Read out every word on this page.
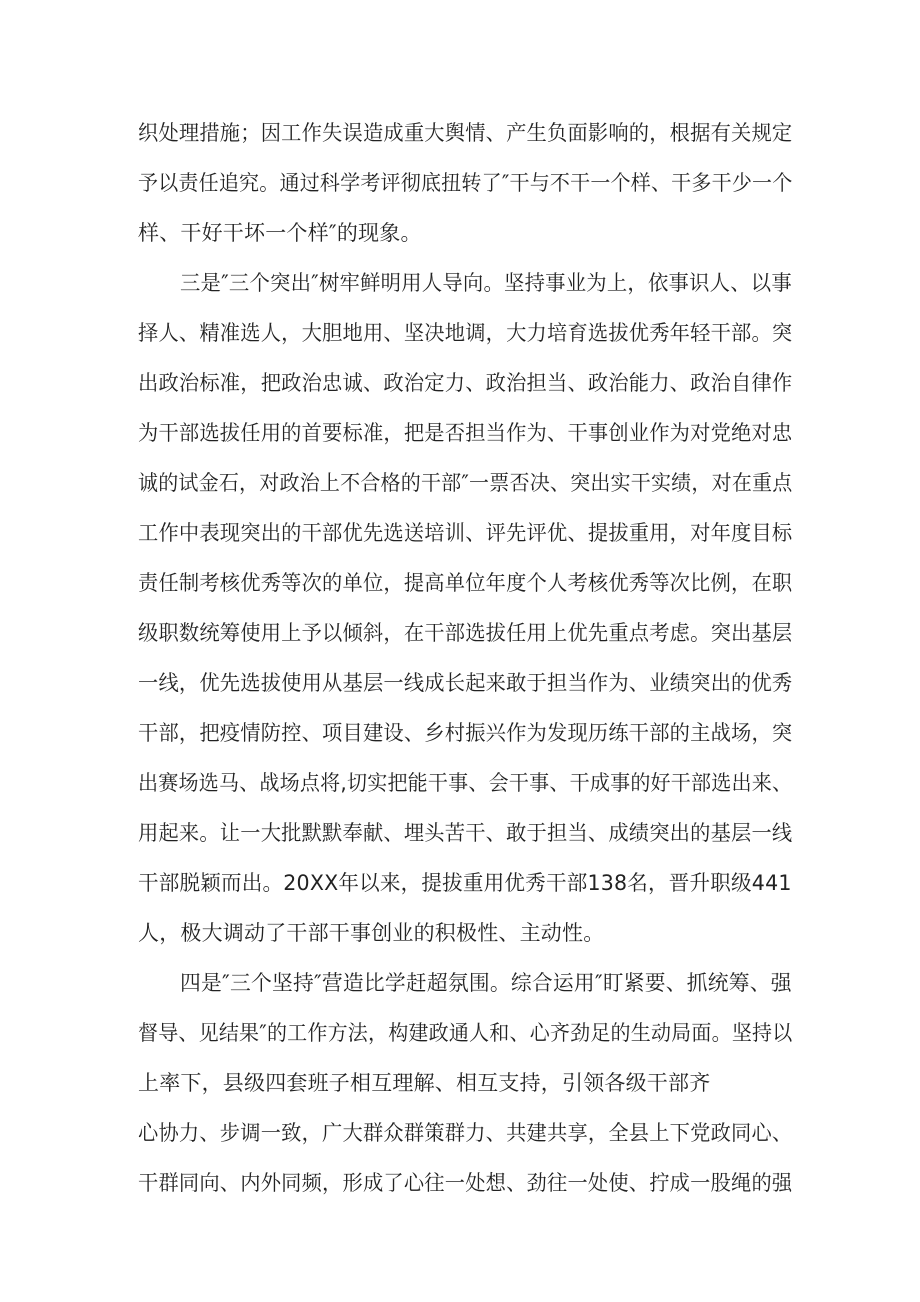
织处理措施；因工作失误造成重大舆情、产生负面影响的，根据有关规定
予以责任追究。通过科学考评彻底扭转了″干与不干一个样、干多干少一个
样、干好干坏一个样″的现象。
三是″三个突出″树牢鲜明用人导向。坚持事业为上，依事识人、以事
择人、精准选人，大胆地用、坚决地调，大力培育选拔优秀年轻干部。突
出政治标准，把政治忠诚、政治定力、政治担当、政治能力、政治自律作
为干部选拔任用的首要标准，把是否担当作为、干事创业作为对党绝对忠
诚的试金石，对政治上不合格的干部″一票否决、突出实干实绩，对在重点
工作中表现突出的干部优先选送培训、评先评优、提拔重用，对年度目标
责任制考核优秀等次的单位，提高单位年度个人考核优秀等次比例，在职
级职数统筹使用上予以倾斜，在干部选拔任用上优先重点考虑。突出基层
一线，优先选拔使用从基层一线成长起来敢于担当作为、业绩突出的优秀
干部，把疫情防控、项目建设、乡村振兴作为发现历练干部的主战场，突
出赛场选马、战场点将,切实把能干事、会干事、干成事的好干部选出来、
用起来。让一大批默默奉献、埋头苦干、敢于担当、成绩突出的基层一线
干部脱颖而出。20XX年以来，提拔重用优秀干部138名，晋升职级441
人，极大调动了干部干事创业的积极性、主动性。
四是″三个坚持″营造比学赶超氛围。综合运用″盯紧要、抓统筹、强
督导、见结果″的工作方法，构建政通人和、心齐劲足的生动局面。坚持以
上率下，县级四套班子相互理解、相互支持，引领各级干部齐
心协力、步调一致，广大群众群策群力、共建共享，全县上下党政同心、
干群同向、内外同频，形成了心往一处想、劲往一处使、拧成一股绳的强
